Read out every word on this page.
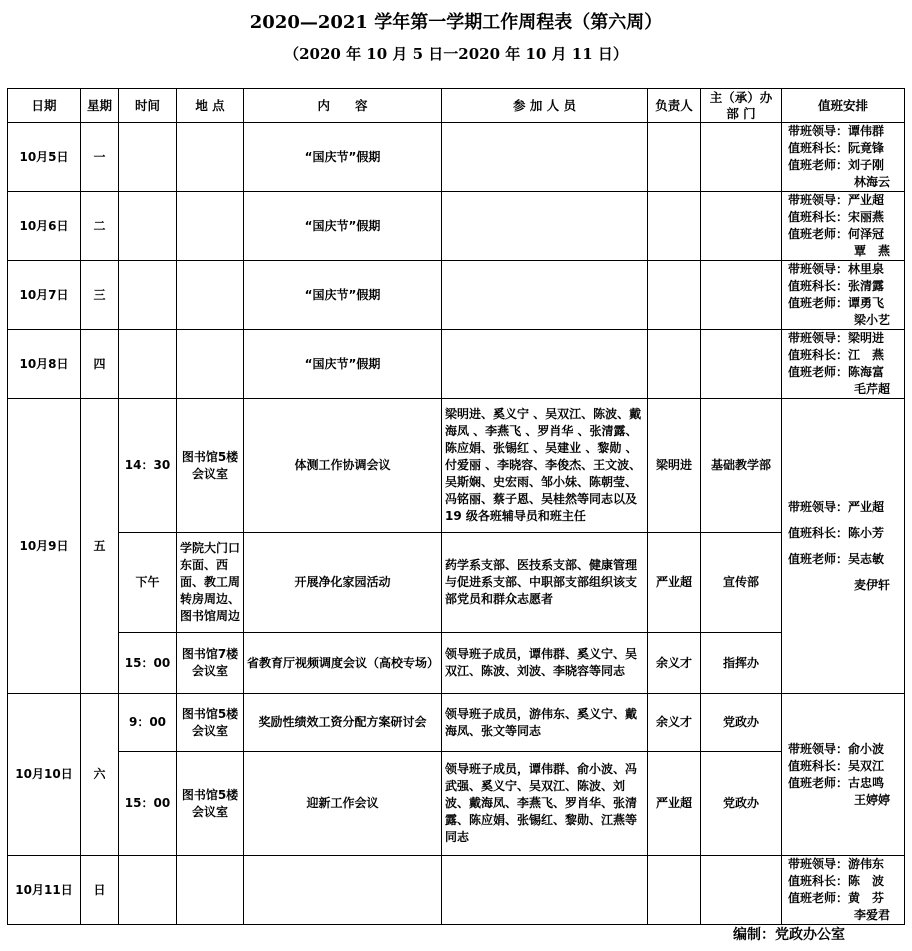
2020—2021 学年第一学期工作周程表（第六周）
（2020 年 10 月 5 日一2020 年 10 月 11 日）
日期	星期	时间	地 点	内　　容	参 加 人 员	负责人	主（承）办部 门	值班安排
10月5日	一			“国庆节”假期				带班领导：谭伟群
值班科长：阮竟锋
值班老师：刘子刚
林海云

10月6日	二			“国庆节”假期				带班领导：严业超
值班科长：宋丽燕
值班老师：何泽冠
覃　燕

10月7日	三			“国庆节”假期				带班领导：林里泉
值班科长：张清露
值班老师：谭勇飞
梁小艺

10月8日	四			“国庆节”假期				带班领导：梁明进
值班科长：江　燕
值班老师：陈海富
毛芹超

10月9日	五	14：30	图书馆5楼会议室	体测工作协调会议	梁明进、奚义宁 、吴双江、陈波、戴海凤 、李燕飞 、罗肖华 、张清露、陈应娟、张锡红 、吴建业 、黎勋 、付爱丽 、李晓容、李俊杰、王文波、吴斯娴、史宏雨、邹小妹、陈朝莹、冯铭丽、蔡子恩、吴桂然等同志以及 19 级各班辅导员和班主任	梁明进	基础教学部	带班领导：严业超
值班科长：陈小芳
值班老师：吴志敏
麦伊轩

		下午	学院大门口东面、西面、教工周转房周边、图书馆周边	开展净化家园活动	药学系支部、医技系支部、健康管理与促进系支部、中职部支部组织该支部党员和群众志愿者	严业超	宣传部	
		15：00	图书馆7楼会议室	省教育厅视频调度会议（高校专场）	领导班子成员，谭伟群、奚义宁、吴双江、陈波、刘波、李晓容等同志	余义才	指挥办	
10月10日	六	9：00	图书馆5楼会议室	奖励性绩效工资分配方案研讨会	领导班子成员，游伟东、奚义宁、戴海凤、张文等同志	余义才	党政办	带班领导：俞小波
值班科长：吴双江
值班老师：古忠鸣
王婷婷

		15：00	图书馆5楼会议室	迎新工作会议	领导班子成员，谭伟群、俞小波、冯武强、奚义宁、吴双江、陈波、刘波、戴海凤、李燕飞、罗肖华、张清露、陈应娟、张锡红、黎勋、江燕等同志	严业超	党政办	
10月11日	日							带班领导：游伟东
值班科长：陈　波
值班老师：黄　芬
李爱君
编制：党政办公室
